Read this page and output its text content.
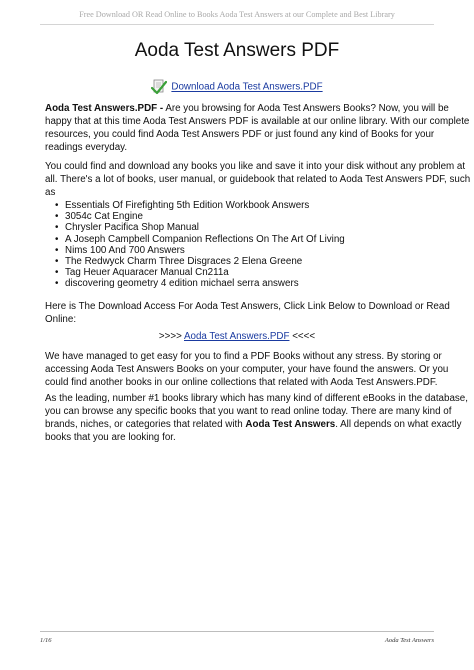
Free Download OR Read Online to Books Aoda Test Answers at our Complete and Best Library
Aoda Test Answers PDF
Download Aoda Test Answers.PDF
Aoda Test Answers.PDF - Are you browsing for Aoda Test Answers Books? Now, you will be
happy that at this time Aoda Test Answers PDF is available at our online library. With our complete
resources, you could find Aoda Test Answers PDF or just found any kind of Books for your
readings everyday.
You could find and download any books you like and save it into your disk without any problem at
all. There's a lot of books, user manual, or guidebook that related to Aoda Test Answers PDF, such
as
• Essentials Of Firefighting 5th Edition Workbook Answers
• 3054c Cat Engine
• Chrysler Pacifica Shop Manual
• A Joseph Campbell Companion Reflections On The Art Of Living
• Nims 100 And 700 Answers
• The Redwyck Charm Three Disgraces 2 Elena Greene
• Tag Heuer Aquaracer Manual Cn211a
• discovering geometry 4 edition michael serra answers
Here is The Download Access For Aoda Test Answers, Click Link Below to Download or Read
Online:
>>>> Aoda Test Answers.PDF <<<<
We have managed to get easy for you to find a PDF Books without any stress. By storing or
accessing Aoda Test Answers Books on your computer, your have found the answers. Or you
could find another books in our online collections that related with Aoda Test Answers.PDF.
As the leading, number #1 books library which has many kind of different eBooks in the database,
you can browse any specific books that you want to read online today. There are many kind of
brands, niches, or categories that related with Aoda Test Answers. All depends on what exactly
books that you are looking for.
1/16	Aoda Test Answers
